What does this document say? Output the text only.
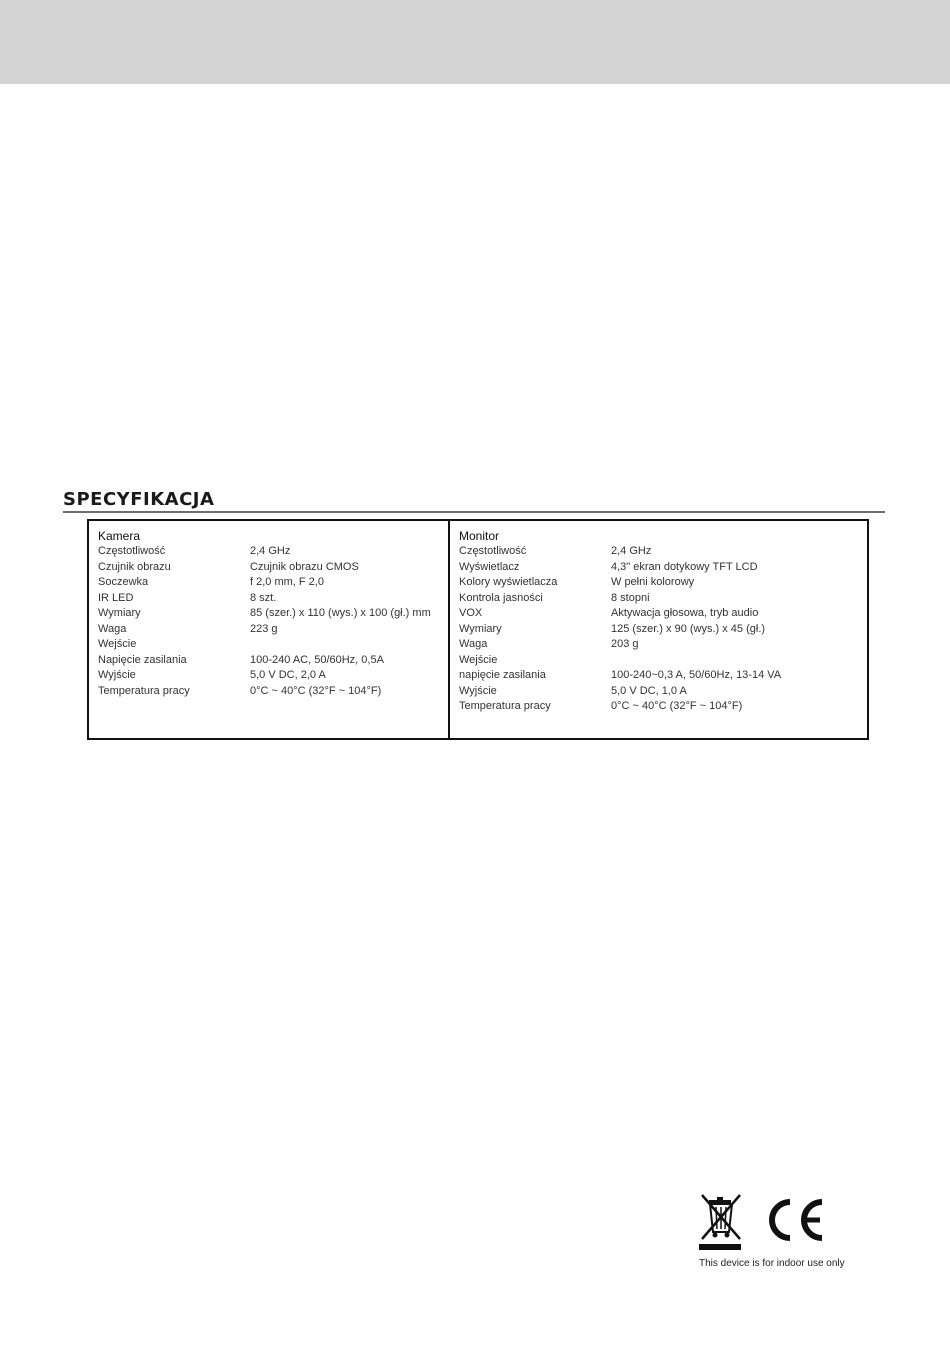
SPECYFIKACJA
Kamera
Częstotliwość	2,4 GHz
Czujnik obrazu	Czujnik obrazu CMOS
Soczewka	f 2,0 mm, F 2,0
IR LED	8 szt.
Wymiary	85 (szer.) x 110 (wys.) x 100 (gł.) mm
Waga	223 g
Wejście
Napięcie zasilania	100-240 AC, 50/60Hz, 0,5A
Wyjście	5,0 V DC, 2,0 A
Temperatura pracy	0°C ~ 40°C (32°F ~ 104°F)
Monitor
Częstotliwość	2,4 GHz
Wyświetlacz	4,3" ekran dotykowy TFT LCD
Kolory wyświetlacza	W pełni kolorowy
Kontrola jasności	8 stopni
VOX	Aktywacja głosowa, tryb audio
Wymiary	125 (szer.) x 90 (wys.) x 45 (gł.)
Waga	203 g
Wejście
napięcie zasilania	100-240~0,3 A, 50/60Hz, 13-14 VA
Wyjście	5,0 V DC, 1,0 A
Temperatura pracy	0°C ~ 40°C (32°F ~ 104°F)
This device is for indoor use only
